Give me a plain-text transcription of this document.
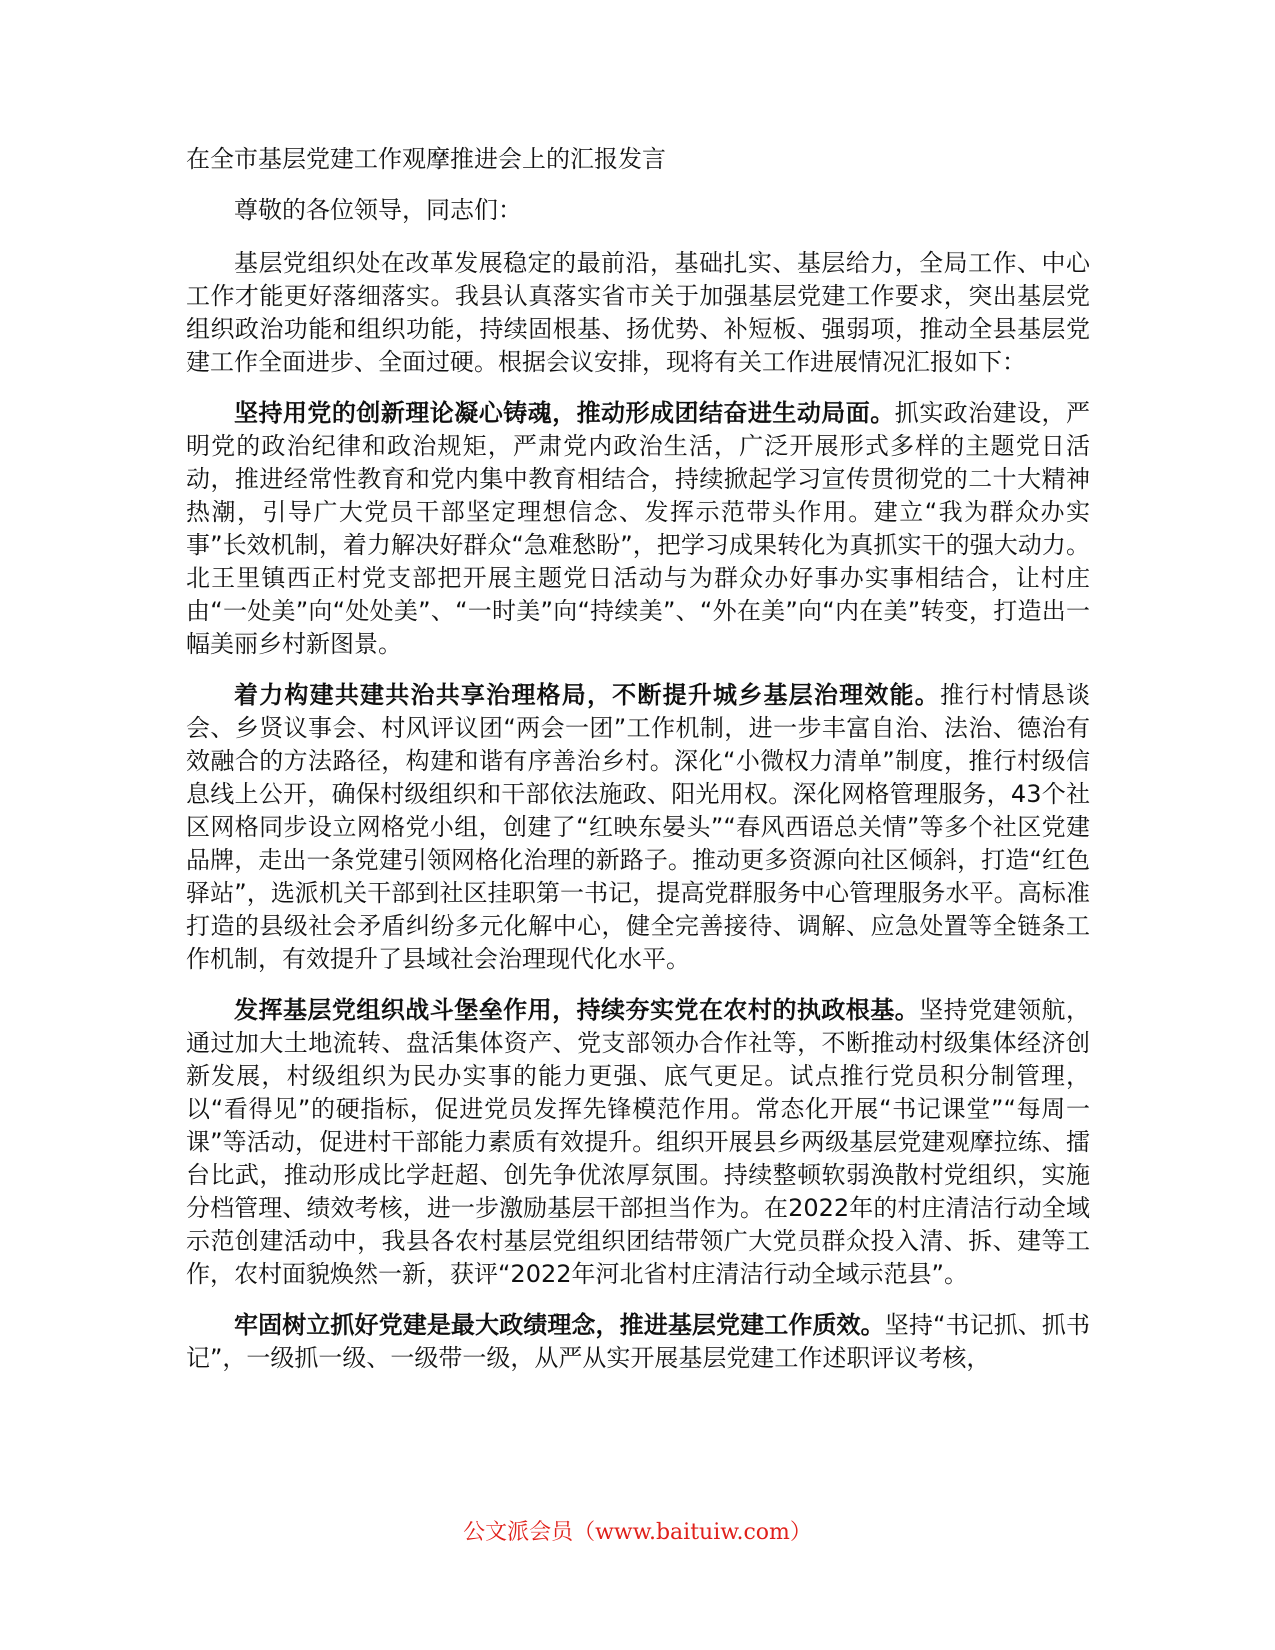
在全市基层党建工作观摩推进会上的汇报发言

尊敬的各位领导，同志们：

基层党组织处在改革发展稳定的最前沿，基础扎实、基层给力，全局工作、中心工作才能更好落细落实。我县认真落实省市关于加强基层党建工作要求，突出基层党组织政治功能和组织功能，持续固根基、扬优势、补短板、强弱项，推动全县基层党建工作全面进步、全面过硬。根据会议安排，现将有关工作进展情况汇报如下：

坚持用党的创新理论凝心铸魂，推动形成团结奋进生动局面。抓实政治建设，严明党的政治纪律和政治规矩，严肃党内政治生活，广泛开展形式多样的主题党日活动，推进经常性教育和党内集中教育相结合，持续掀起学习宣传贯彻党的二十大精神热潮，引导广大党员干部坚定理想信念、发挥示范带头作用。建立“我为群众办实事”长效机制，着力解决好群众“急难愁盼”，把学习成果转化为真抓实干的强大动力。北王里镇西正村党支部把开展主题党日活动与为群众办好事办实事相结合，让村庄由“一处美”向“处处美”、“一时美”向“持续美”、“外在美”向“内在美”转变，打造出一幅美丽乡村新图景。

着力构建共建共治共享治理格局，不断提升城乡基层治理效能。推行村情恳谈会、乡贤议事会、村风评议团“两会一团”工作机制，进一步丰富自治、法治、德治有效融合的方法路径，构建和谐有序善治乡村。深化“小微权力清单”制度，推行村级信息线上公开，确保村级组织和干部依法施政、阳光用权。深化网格管理服务，43个社区网格同步设立网格党小组，创建了“红映东晏头”“春风西语总关情”等多个社区党建品牌，走出一条党建引领网格化治理的新路子。推动更多资源向社区倾斜，打造“红色驿站”，选派机关干部到社区挂职第一书记，提高党群服务中心管理服务水平。高标准打造的县级社会矛盾纠纷多元化解中心，健全完善接待、调解、应急处置等全链条工作机制，有效提升了县域社会治理现代化水平。

发挥基层党组织战斗堡垒作用，持续夯实党在农村的执政根基。坚持党建领航，通过加大土地流转、盘活集体资产、党支部领办合作社等，不断推动村级集体经济创新发展，村级组织为民办实事的能力更强、底气更足。试点推行党员积分制管理，以“看得见”的硬指标，促进党员发挥先锋模范作用。常态化开展“书记课堂”“每周一课”等活动，促进村干部能力素质有效提升。组织开展县乡两级基层党建观摩拉练、擂台比武，推动形成比学赶超、创先争优浓厚氛围。持续整顿软弱涣散村党组织，实施分档管理、绩效考核，进一步激励基层干部担当作为。在2022年的村庄清洁行动全域示范创建活动中，我县各农村基层党组织团结带领广大党员群众投入清、拆、建等工作，农村面貌焕然一新，获评“2022年河北省村庄清洁行动全域示范县”。

牢固树立抓好党建是最大政绩理念，推进基层党建工作质效。坚持“书记抓、抓书记”，一级抓一级、一级带一级，从严从实开展基层党建工作述职评议考核，

公文派会员（www.baituiw.com）
